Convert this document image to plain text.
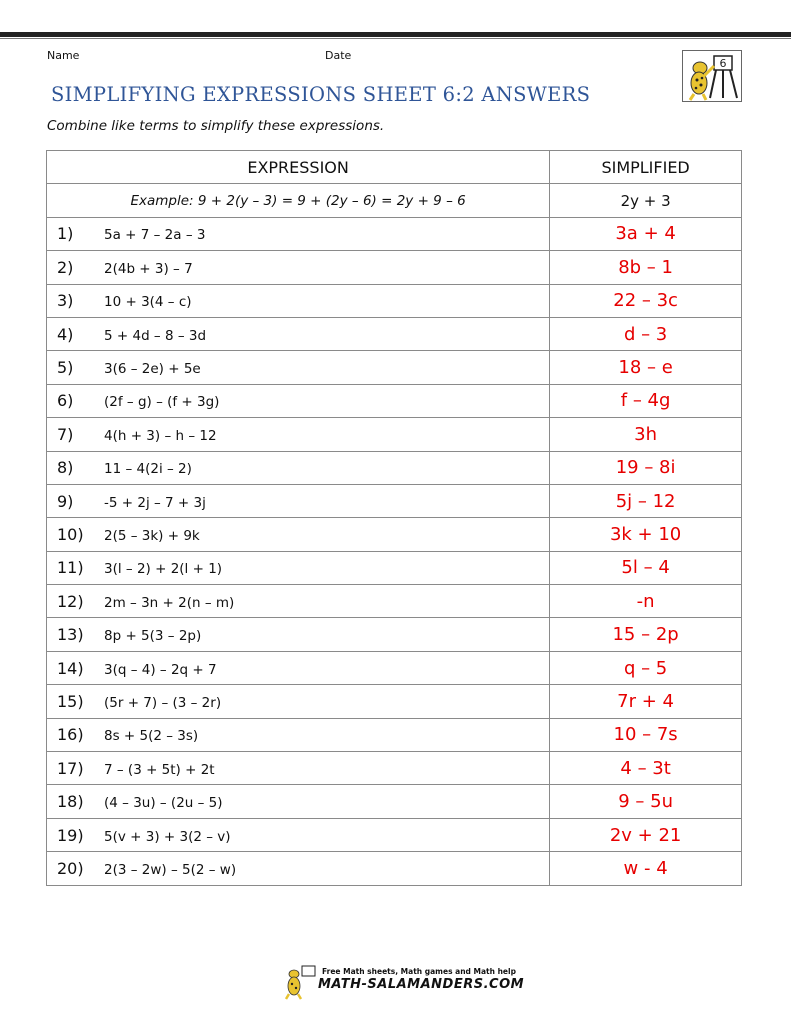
Name	Date
6
SIMPLIFYING EXPRESSIONS SHEET 6:2 ANSWERS
Combine like terms to simplify these expressions.
EXPRESSION	SIMPLIFIED
Example: 9 + 2(y – 3) = 9 + (2y – 6) = 2y + 9 – 6	2y + 3
1) 5a + 7 – 2a – 3	3a + 4
2) 2(4b + 3) – 7	8b – 1
3) 10 + 3(4 – c)	22 – 3c
4) 5 + 4d – 8 – 3d	d – 3
5) 3(6 – 2e) + 5e	18 – e
6) (2f – g) – (f + 3g)	f – 4g
7) 4(h + 3) – h – 12	3h
8) 11 – 4(2i – 2)	19 – 8i
9) -5 + 2j – 7 + 3j	5j – 12
10) 2(5 – 3k) + 9k	3k + 10
11) 3(l – 2) + 2(l + 1)	5l – 4
12) 2m – 3n + 2(n – m)	-n
13) 8p + 5(3 – 2p)	15 – 2p
14) 3(q – 4) – 2q + 7	q – 5
15) (5r + 7) – (3 – 2r)	7r + 4
16) 8s + 5(2 – 3s)	10 – 7s
17) 7 – (3 + 5t) + 2t	4 – 3t
18) (4 – 3u) – (2u – 5)	9 – 5u
19) 5(v + 3) + 3(2 – v)	2v + 21
20) 2(3 – 2w) – 5(2 – w)	w - 4
Free Math sheets, Math games and Math help
MATH-SALAMANDERS.COM
